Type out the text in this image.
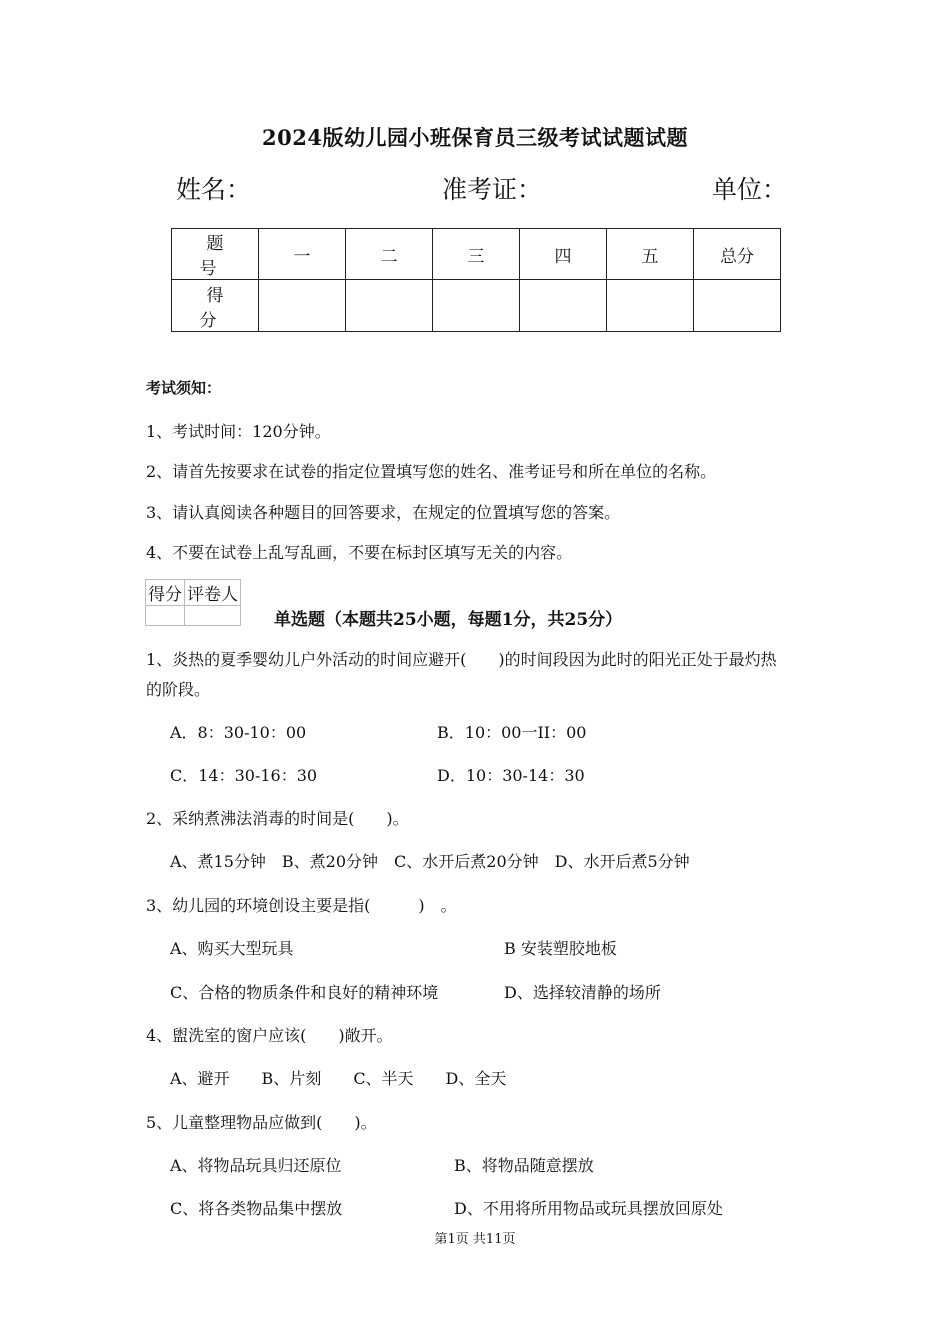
2024版幼儿园小班保育员三级考试试题试题
姓名：	准考证：	单位：
题　号	一	二	三	四	五	总分
得　分						
考试须知：
1、考试时间：120分钟。
2、请首先按要求在试卷的指定位置填写您的姓名、准考证号和所在单位的名称。
3、请认真阅读各种题目的回答要求，在规定的位置填写您的答案。
4、不要在试卷上乱写乱画，不要在标封区填写无关的内容。
得分	评卷人

单选题（本题共25小题，每题1分，共25分）
1、炎热的夏季婴幼儿户外活动的时间应避开(　　)的时间段因为此时的阳光正处于最灼热
的阶段。
A．8：30-10：00	B．10：00一II：00
C．14：30-16：30	D．10：30-14：30
2、采纳煮沸法消毒的时间是(　　)。
A、煮15分钟　B、煮20分钟　C、水开后煮20分钟　D、水开后煮5分钟
3、幼儿园的环境创设主要是指(　　　)　。
A、购买大型玩具	B 安装塑胶地板
C、合格的物质条件和良好的精神环境	D、选择较清静的场所
4、盥洗室的窗户应该(　　)敞开。
A、避开　　B、片刻　　C、半天　　D、全天
5、儿童整理物品应做到(　　)。
A、将物品玩具归还原位	B、将物品随意摆放
C、将各类物品集中摆放	D、不用将所用物品或玩具摆放回原处
第1页 共11页
